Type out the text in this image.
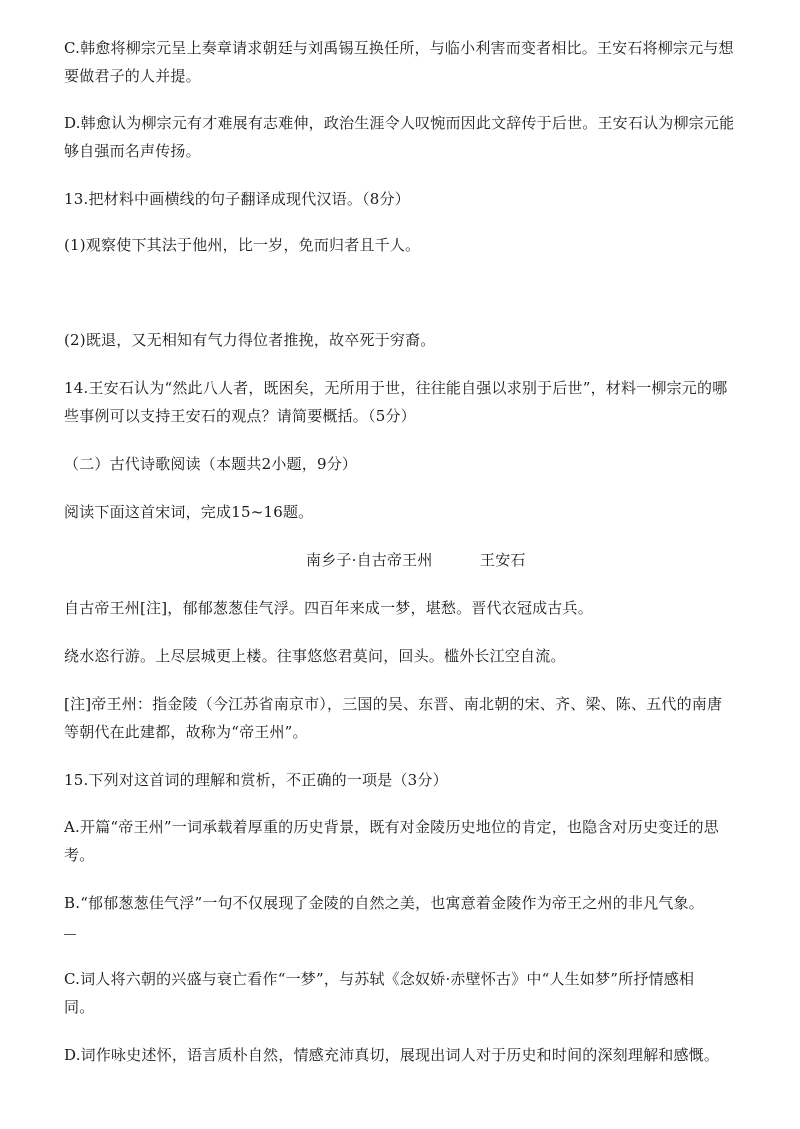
C.韩愈将柳宗元呈上奏章请求朝廷与刘禹锡互换任所，与临小利害而变者相比。王安石将柳宗元与想
要做君子的人并提。
D.韩愈认为柳宗元有才难展有志难伸，政治生涯令人叹惋而因此文辞传于后世。王安石认为柳宗元能
够自强而名声传扬。
13.把材料中画横线的句子翻译成现代汉语。（8分）
(1)观察使下其法于他州，比一岁，免而归者且千人。
(2)既退，又无相知有气力得位者推挽，故卒死于穷裔。
14.王安石认为“然此八人者，既困矣，无所用于世，往往能自强以求别于后世”，材料一柳宗元的哪
些事例可以支持王安石的观点？请简要概括。（5分）
（二）古代诗歌阅读（本题共2小题，9分）
阅读下面这首宋词，完成15~16题。
南乡子·自古帝王州	王安石
自古帝王州[注]，郁郁葱葱佳气浮。四百年来成一梦，堪愁。晋代衣冠成古兵。
绕水恣行游。上尽层城更上楼。往事悠悠君莫问，回头。槛外长江空自流。
[注]帝王州：指金陵（今江苏省南京市），三国的吴、东晋、南北朝的宋、齐、梁、陈、五代的南唐
等朝代在此建都，故称为“帝王州”。
15.下列对这首词的理解和赏析，不正确的一项是（3分）
A.开篇“帝王州”一词承载着厚重的历史背景，既有对金陵历史地位的肯定，也隐含对历史变迁的思
考。
B.“郁郁葱葱佳气浮”一句不仅展现了金陵的自然之美，也寓意着金陵作为帝王之州的非凡气象。
C.词人将六朝的兴盛与衰亡看作“一梦”，与苏轼《念奴娇·赤壁怀古》中“人生如梦”所抒情感相
同。
D.词作咏史述怀，语言质朴自然，情感充沛真切，展现出词人对于历史和时间的深刻理解和感慨。
